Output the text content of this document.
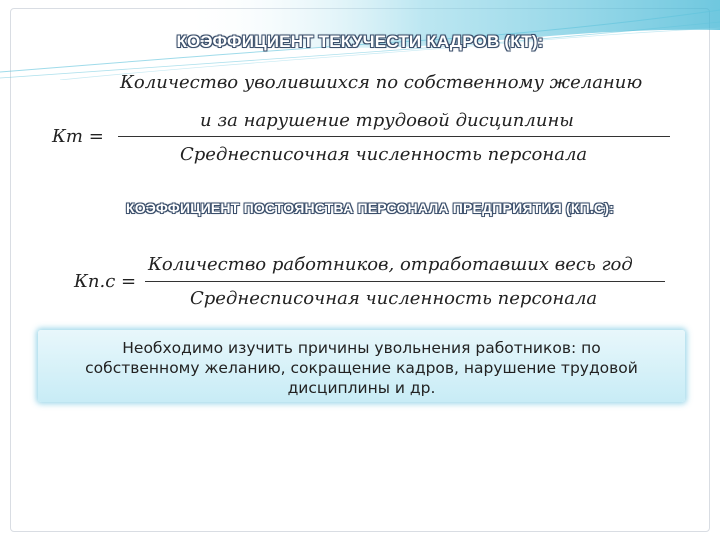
КОЭФФИЦИЕНТ ТЕКУЧЕСТИ КАДРОВ (КТ):
Количество уволившихся по собственному желанию
и за нарушение трудовой дисциплины
Кт =
Среднесписочная численность персонала
КОЭФФИЦИЕНТ ПОСТОЯНСТВА ПЕРСОНАЛА ПРЕДПРИЯТИЯ (КП.С):
Количество работников, отработавших весь год
Кп.с =
Среднесписочная численность персонала
Необходимо изучить причины увольнения работников: по
собственному желанию, сокращение кадров, нарушение трудовой
дисциплины и др.
